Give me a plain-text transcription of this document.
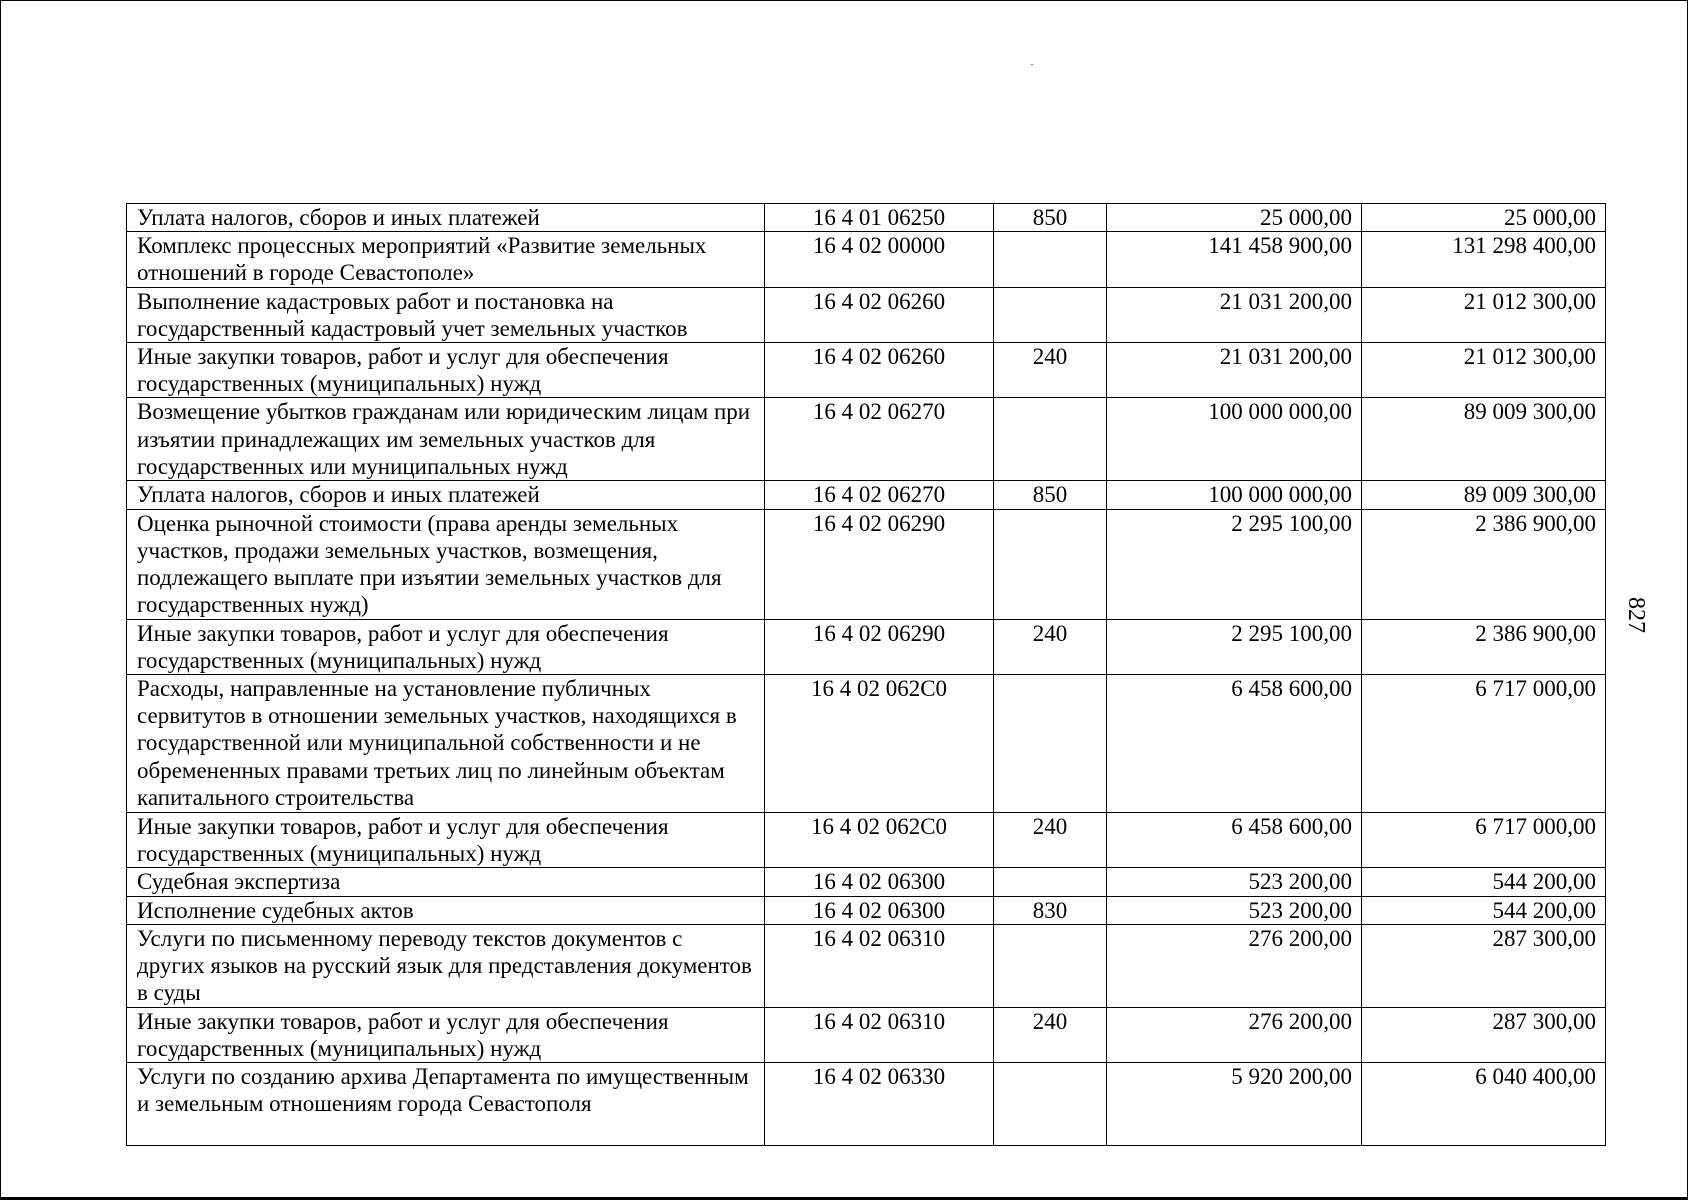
Уплата налогов, сборов и иных платежей	16 4 01 06250	850	25 000,00	25 000,00
Комплекс процессных мероприятий «Развитие земельных отношений в городе Севастополе»	16 4 02 00000		141 458 900,00	131 298 400,00
Выполнение кадастровых работ и постановка на государственный кадастровый учет земельных участков	16 4 02 06260		21 031 200,00	21 012 300,00
Иные закупки товаров, работ и услуг для обеспечения государственных (муниципальных) нужд	16 4 02 06260	240	21 031 200,00	21 012 300,00
Возмещение убытков гражданам или юридическим лицам при изъятии принадлежащих им земельных участков для государственных или муниципальных нужд	16 4 02 06270		100 000 000,00	89 009 300,00
Уплата налогов, сборов и иных платежей	16 4 02 06270	850	100 000 000,00	89 009 300,00
Оценка рыночной стоимости (права аренды земельных участков, продажи земельных участков, возмещения, подлежащего выплате при изъятии земельных участков для государственных нужд)	16 4 02 06290		2 295 100,00	2 386 900,00
Иные закупки товаров, работ и услуг для обеспечения государственных (муниципальных) нужд	16 4 02 06290	240	2 295 100,00	2 386 900,00
Расходы, направленные на установление публичных сервитутов в отношении земельных участков, находящихся в государственной или муниципальной собственности и не обремененных правами третьих лиц по линейным объектам капитального строительства	16 4 02 062С0		6 458 600,00	6 717 000,00
Иные закупки товаров, работ и услуг для обеспечения государственных (муниципальных) нужд	16 4 02 062С0	240	6 458 600,00	6 717 000,00
Судебная экспертиза	16 4 02 06300		523 200,00	544 200,00
Исполнение судебных актов	16 4 02 06300	830	523 200,00	544 200,00
Услуги по письменному переводу текстов документов с других языков на русский язык для представления документов в суды	16 4 02 06310		276 200,00	287 300,00
Иные закупки товаров, работ и услуг для обеспечения государственных (муниципальных) нужд	16 4 02 06310	240	276 200,00	287 300,00
Услуги по созданию архива Департамента по имущественным и земельным отношениям города Севастополя	16 4 02 06330		5 920 200,00	6 040 400,00
827
